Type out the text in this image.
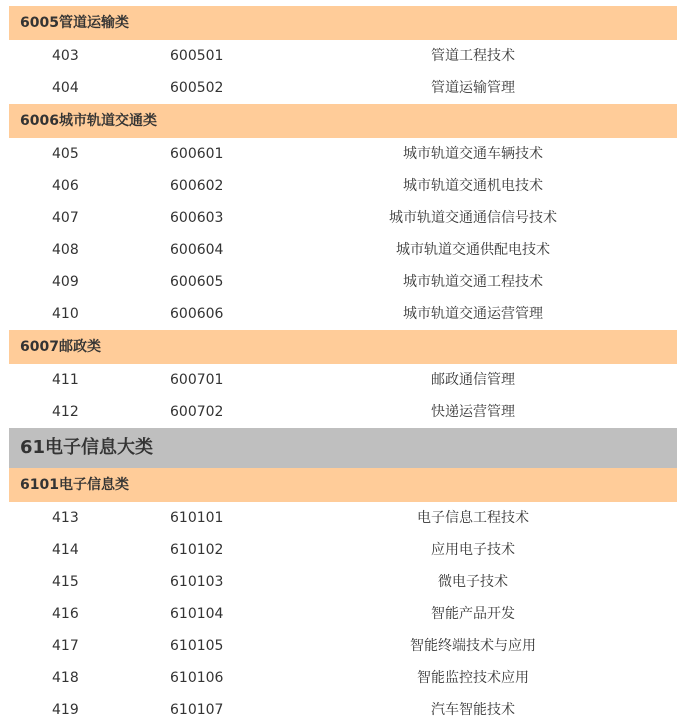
6005管道运输类
403	600501	管道工程技术
404	600502	管道运输管理
6006城市轨道交通类
405	600601	城市轨道交通车辆技术
406	600602	城市轨道交通机电技术
407	600603	城市轨道交通通信信号技术
408	600604	城市轨道交通供配电技术
409	600605	城市轨道交通工程技术
410	600606	城市轨道交通运营管理
6007邮政类
411	600701	邮政通信管理
412	600702	快递运营管理
61电子信息大类
6101电子信息类
413	610101	电子信息工程技术
414	610102	应用电子技术
415	610103	微电子技术
416	610104	智能产品开发
417	610105	智能终端技术与应用
418	610106	智能监控技术应用
419	610107	汽车智能技术
